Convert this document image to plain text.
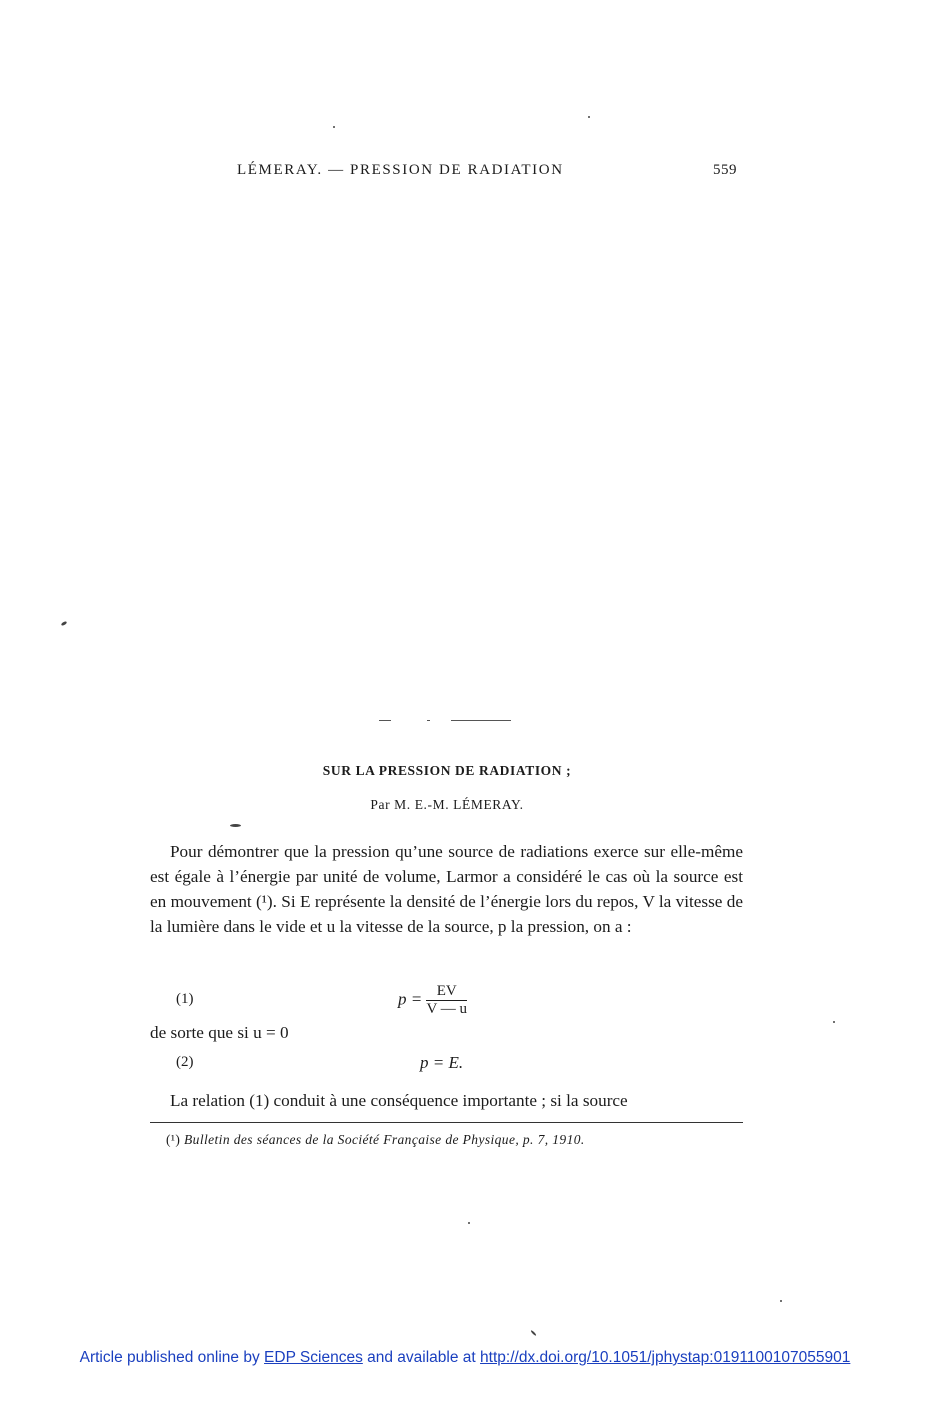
LÉMERAY. — PRESSION DE RADIATION	559
SUR LA PRESSION DE RADIATION ;
Par M. E.-M. LÉMERAY.

Pour démontrer que la pression qu’une source de radiations exerce sur elle-même est égale à l’énergie par unité de volume, Larmor a considéré le cas où la source est en mouvement (¹). Si E représente la densité de l’énergie lors du repos, V la vitesse de la lumière dans le vide et u la vitesse de la source, p la pression, on a :

(1)	$p = \frac{EV}{V — u}$
de sorte que si u = 0
(2)	p = E.
La relation (1) conduit à une conséquence importante ; si la source
(¹) Bulletin des séances de la Société Française de Physique, p. 7, 1910.
Article published online by EDP Sciences and available at http://dx.doi.org/10.1051/jphystap:0191100107055901
